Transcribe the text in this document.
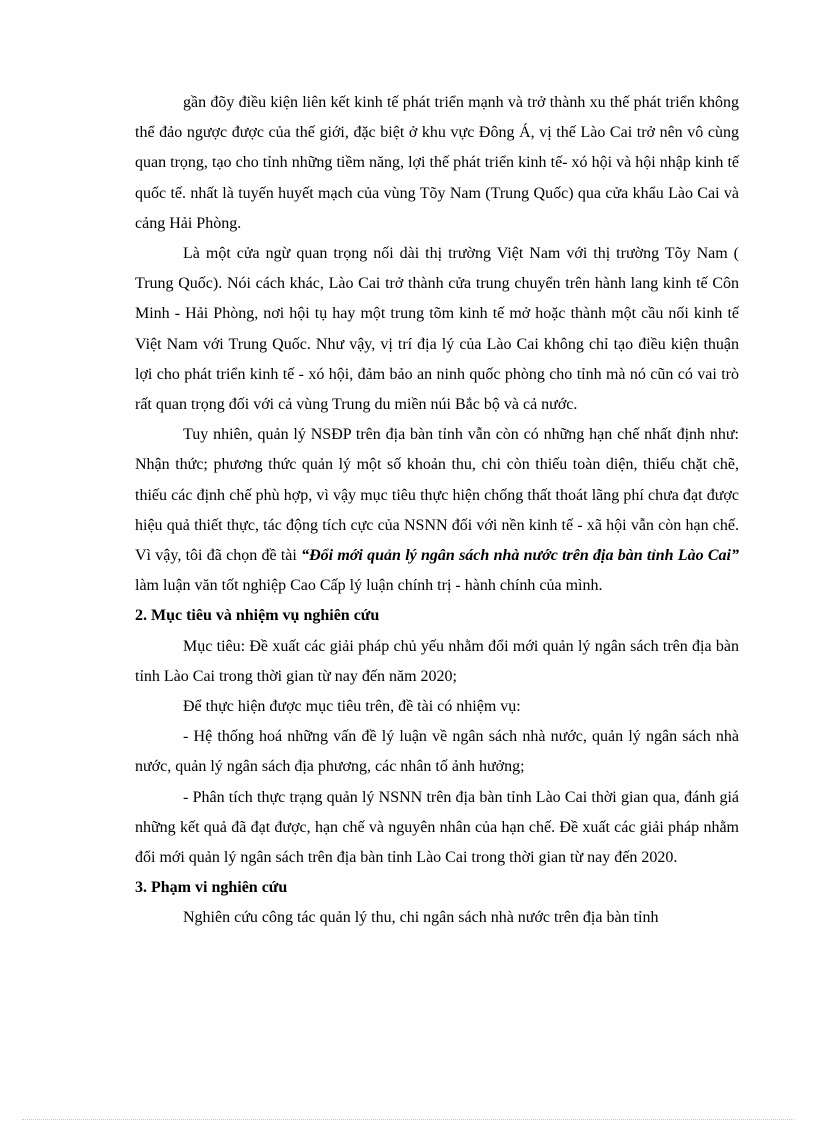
gần đõy điều kiện liên kết kinh tế phát triển mạnh và trở thành xu thế phát triển không thể đảo ngược được của thế giới, đặc biệt ở khu vực Đông Á, vị thế Lào Cai trở nên vô cùng quan trọng, tạo cho tỉnh những tiềm năng, lợi thế phát triển kinh tế- xó hội và hội nhập kinh tế quốc tế. nhất là tuyến huyết mạch của vùng Tõy Nam (Trung Quốc) qua cửa khẩu Lào Cai và cảng Hải Phòng.

Là một cửa ngừ quan trọng nối dài thị trường Việt Nam với thị trường Tõy Nam ( Trung Quốc). Nói cách khác, Lào Cai trở thành cửa trung chuyển trên hành lang kinh tế Côn Minh - Hải Phòng, nơi hội tụ hay một trung tõm kinh tế mở hoặc thành một cầu nối kinh tế Việt Nam với Trung Quốc. Như vậy, vị trí địa lý của Lào Cai không chỉ tạo điều kiện thuận lợi cho phát triển kinh tế - xó hội, đảm bảo an ninh quốc phòng cho tỉnh mà nó cũn có vai trò rất quan trọng đối với cả vùng Trung du miền núi Bắc bộ và cả nước.

Tuy nhiên, quản lý NSĐP trên địa bàn tỉnh vẫn còn có những hạn chế nhất định như: Nhận thức; phương thức quản lý một số khoản thu, chi còn thiếu toàn diện, thiếu chặt chẽ, thiếu các định chế phù hợp, vì vậy mục tiêu thực hiện chống thất thoát lãng phí chưa đạt được hiệu quả thiết thực, tác động tích cực của NSNN đối với nền kinh tế - xã hội vẫn còn hạn chế. Vì vậy, tôi đã chọn đề tài “Đổi mới quản lý ngân sách nhà nước trên địa bàn tỉnh Lào Cai” làm luận văn tốt nghiệp Cao Cấp lý luận chính trị - hành chính của mình.

2. Mục tiêu và nhiệm vụ nghiên cứu

Mục tiêu: Đề xuất các giải pháp chủ yếu nhằm đổi mới quản lý ngân sách trên địa bàn tỉnh Lào Cai trong thời gian từ nay đến năm 2020;

Để thực hiện được mục tiêu trên, đề tài có nhiệm vụ:

- Hệ thống hoá những vấn đề lý luận về ngân sách nhà nước, quản lý ngân sách nhà nước, quản lý ngân sách địa phương, các nhân tố ảnh hưởng;

- Phân tích thực trạng quản lý NSNN trên địa bàn tỉnh Lào Cai thời gian qua, đánh giá những kết quả đã đạt được, hạn chế và nguyên nhân của hạn chế. Đề xuất các giải pháp nhằm đổi mới quản lý ngân sách trên địa bàn tỉnh Lào Cai trong thời gian từ nay đến 2020.

3. Phạm vi nghiên cứu

Nghiên cứu công tác quản lý thu, chi ngân sách nhà nước trên địa bàn tỉnh
